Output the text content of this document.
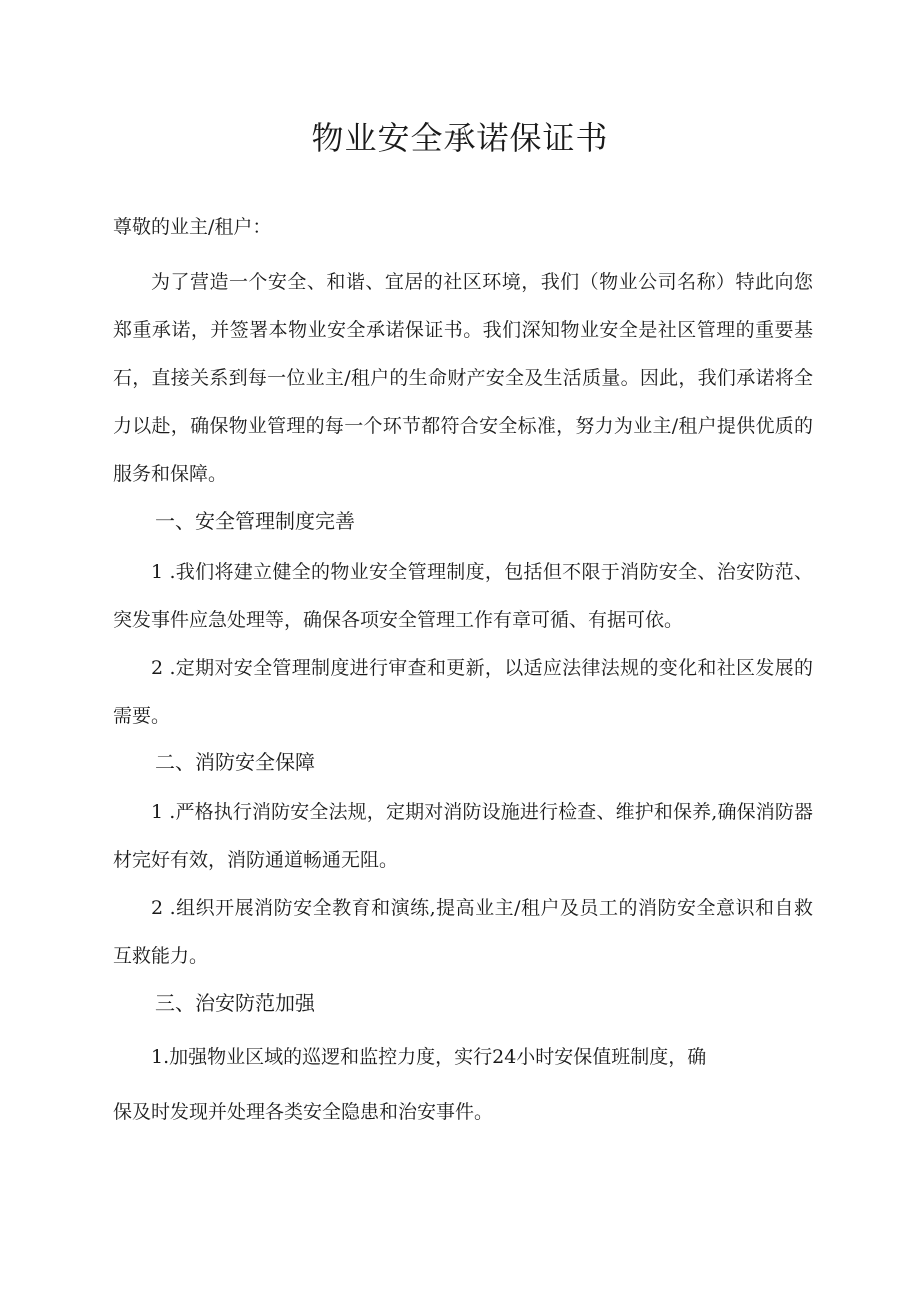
物业安全承诺保证书

尊敬的业主/租户：

为了营造一个安全、和谐、宜居的社区环境，我们（物业公司名称）特此向您郑重承诺，并签署本物业安全承诺保证书。我们深知物业安全是社区管理的重要基石，直接关系到每一位业主/租户的生命财产安全及生活质量。因此，我们承诺将全力以赴，确保物业管理的每一个环节都符合安全标准，努力为业主/租户提供优质的服务和保障。

一、安全管理制度完善

1 .我们将建立健全的物业安全管理制度，包括但不限于消防安全、治安防范、突发事件应急处理等，确保各项安全管理工作有章可循、有据可依。

2 .定期对安全管理制度进行审查和更新，以适应法律法规的变化和社区发展的需要。

二、消防安全保障

1 .严格执行消防安全法规，定期对消防设施进行检查、维护和保养,确保消防器材完好有效，消防通道畅通无阻。

2 .组织开展消防安全教育和演练,提高业主/租户及员工的消防安全意识和自救互救能力。

三、治安防范加强

1.加强物业区域的巡逻和监控力度，实行24小时安保值班制度，确
保及时发现并处理各类安全隐患和治安事件。
